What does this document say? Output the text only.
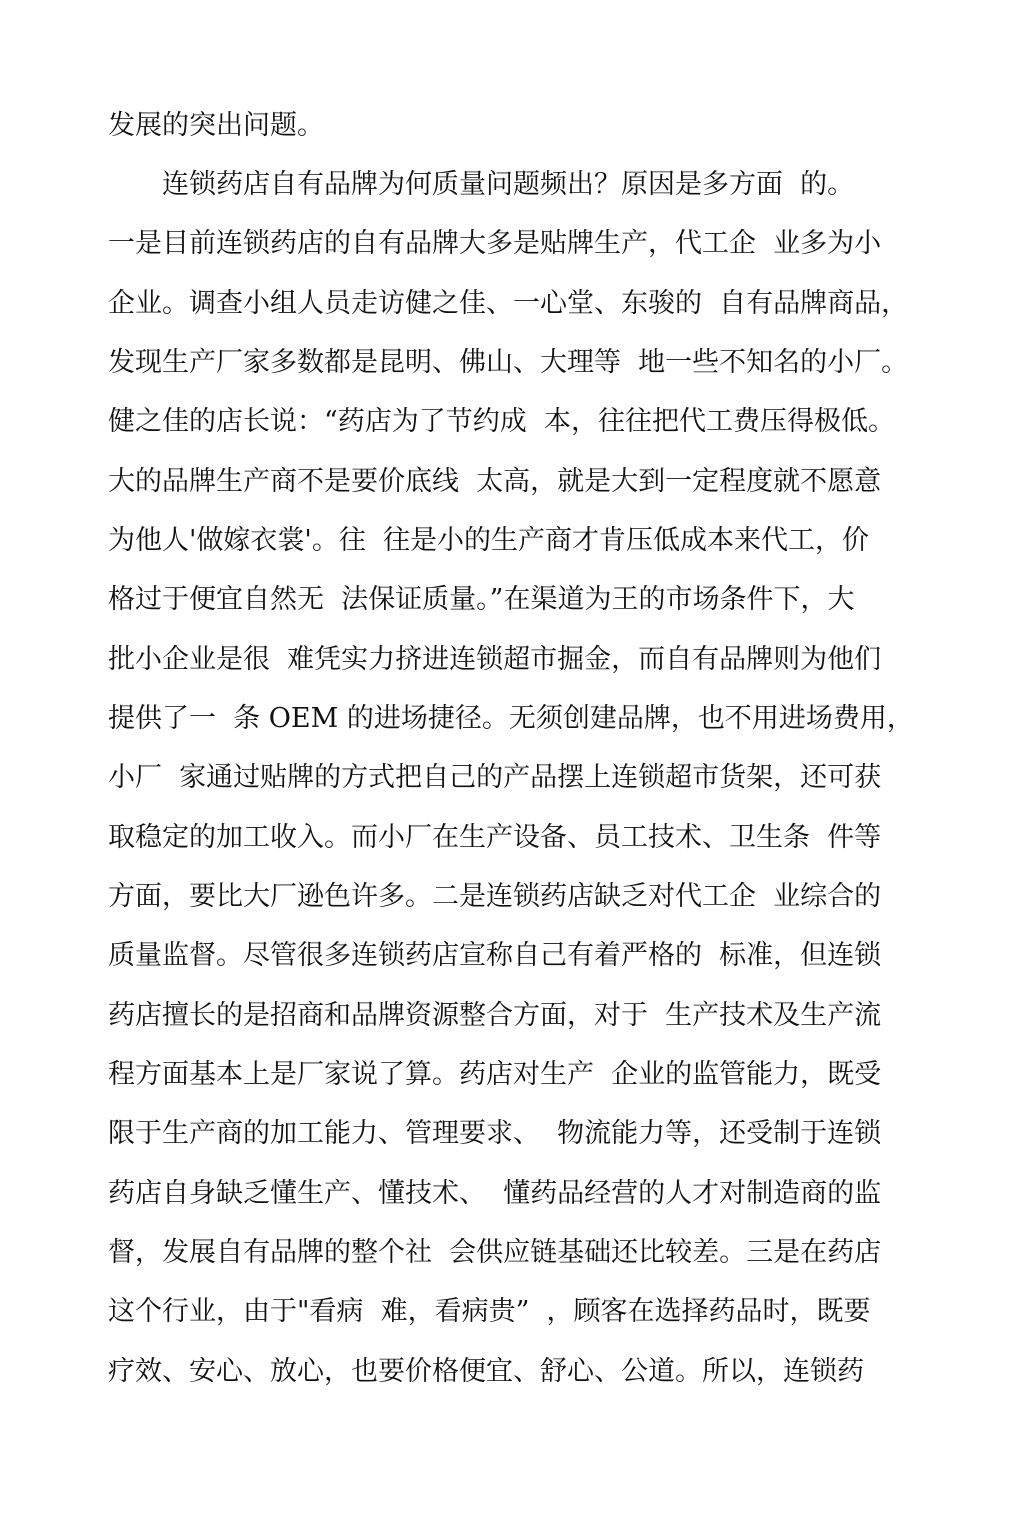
发展的突出问题。
　　连锁药店自有品牌为何质量问题频出？原因是多方面  的。
一是目前连锁药店的自有品牌大多是贴牌生产，代工企  业多为小
企业。调查小组人员走访健之佳、一心堂、东骏的  自有品牌商品，
发现生产厂家多数都是昆明、佛山、大理等  地一些不知名的小厂。
健之佳的店长说：“药店为了节约成  本，往往把代工费压得极低。
大的品牌生产商不是要价底线  太高，就是大到一定程度就不愿意
为他人'做嫁衣裳'。往  往是小的生产商才肯压低成本来代工，价
格过于便宜自然无  法保证质量。”在渠道为王的市场条件下，大
批小企业是很  难凭实力挤进连锁超市掘金，而自有品牌则为他们
提供了一  条 OEM 的进场捷径。无须创建品牌，也不用进场费用，
小厂  家通过贴牌的方式把自己的产品摆上连锁超市货架，还可获
取稳定的加工收入。而小厂在生产设备、员工技术、卫生条  件等
方面，要比大厂逊色许多。二是连锁药店缺乏对代工企  业综合的
质量监督。尽管很多连锁药店宣称自己有着严格的  标准，但连锁
药店擅长的是招商和品牌资源整合方面，对于  生产技术及生产流
程方面基本上是厂家说了算。药店对生产  企业的监管能力，既受
限于生产商的加工能力、管理要求、  物流能力等，还受制于连锁
药店自身缺乏懂生产、懂技术、  懂药品经营的人才对制造商的监
督，发展自有品牌的整个社  会供应链基础还比较差。三是在药店
这个行业，由于"看病  难，看病贵”  ，顾客在选择药品时，既要
疗效、安心、放心，也要价格便宜、舒心、公道。所以，连锁药
